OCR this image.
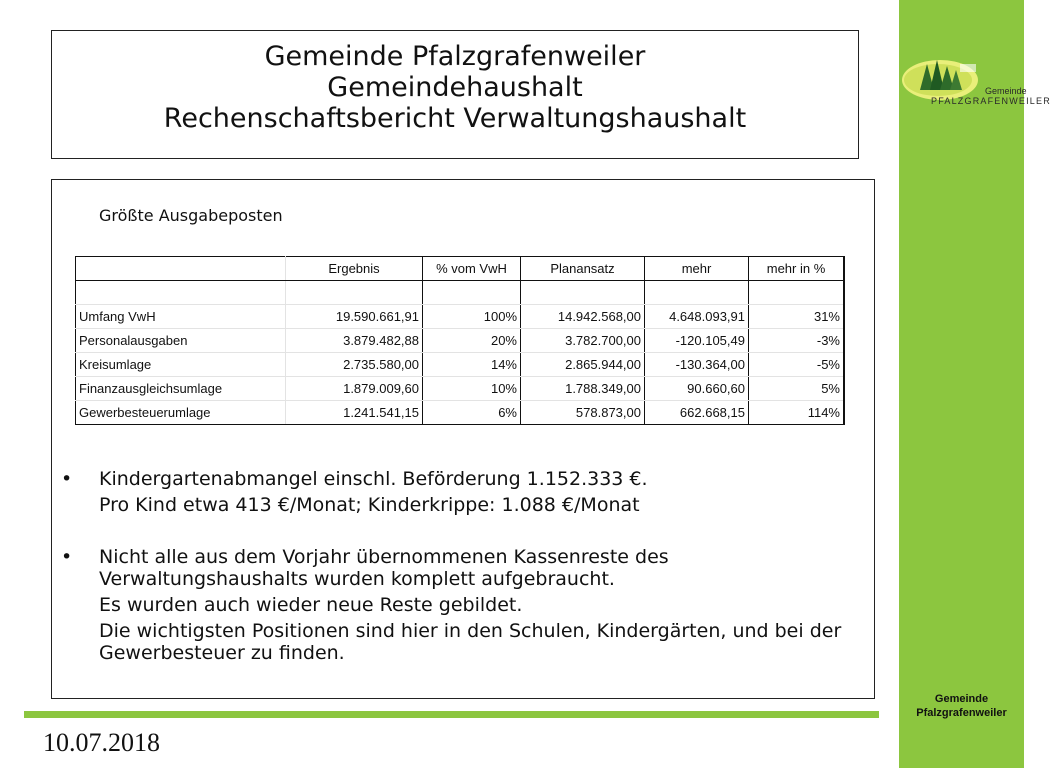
Gemeinde
PFALZGRAFENWEILER
Gemeinde Pfalzgrafenweiler
Gemeindehaushalt
Rechenschaftsbericht Verwaltungshaushalt
Größte Ausgabeposten
	Ergebnis	% vom VwH	Planansatz	mehr	mehr in %

Umfang VwH	19.590.661,91	100%	14.942.568,00	4.648.093,91	31%
Personalausgaben	3.879.482,88	20%	3.782.700,00	-120.105,49	-3%
Kreisumlage	2.735.580,00	14%	2.865.944,00	-130.364,00	-5%
Finanzausgleichsumlage	1.879.009,60	10%	1.788.349,00	90.660,60	5%
Gewerbesteuerumlage	1.241.541,15	6%	578.873,00	662.668,15	114%
•	Kindergartenabmangel einschl. Beförderung 1.152.333 €.
Pro Kind etwa 413 €/Monat; Kinderkrippe: 1.088 €/Monat
•	Nicht alle aus dem Vorjahr übernommenen Kassenreste des Verwaltungshaushalts wurden komplett aufgebraucht.
Es wurden auch wieder neue Reste gebildet.
Die wichtigsten Positionen sind hier in den Schulen, Kindergärten, und bei der Gewerbesteuer zu finden.
10.07.2018
Gemeinde
Pfalzgrafenweiler
